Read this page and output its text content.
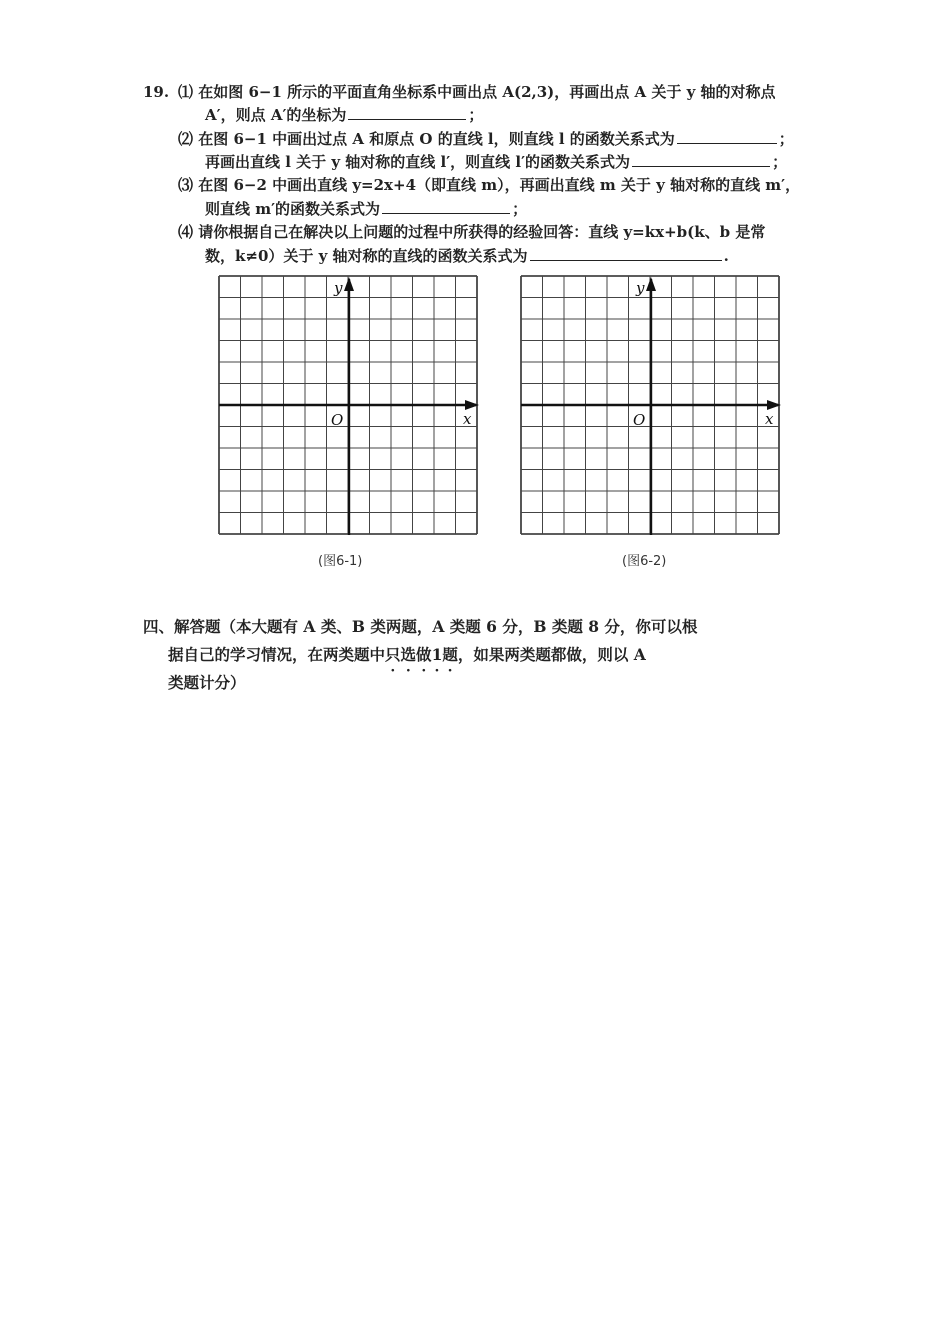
19. ⑴ 在如图 6−1 所示的平面直角坐标系中画出点 A(2,3)，再画出点 A 关于 y 轴的对称点
A′，则点 A′的坐标为	；
⑵ 在图 6−1 中画出过点 A 和原点 O 的直线 l，则直线 l 的函数关系式为	；
再画出直线 l 关于 y 轴对称的直线 l′，则直线 l′的函数关系式为	；
⑶ 在图 6−2 中画出直线 y=2x+4（即直线 m），再画出直线 m 关于 y 轴对称的直线 m′，
则直线 m′的函数关系式为	；
⑷ 请你根据自己在解决以上问题的过程中所获得的经验回答：直线 y=kx+b(k、b 是常
数，k≠0）关于 y 轴对称的直线的函数关系式为	.
y
x
O
(图6-1)
y
x
O
(图6-2)
四、解答题（本大题有 A 类、B 类两题，A 类题 6 分，B 类题 8 分，你可以根
据自己的学习情况，在两类题中只选做1 ·题，如果两类题都做，则以 A
类题计分）
